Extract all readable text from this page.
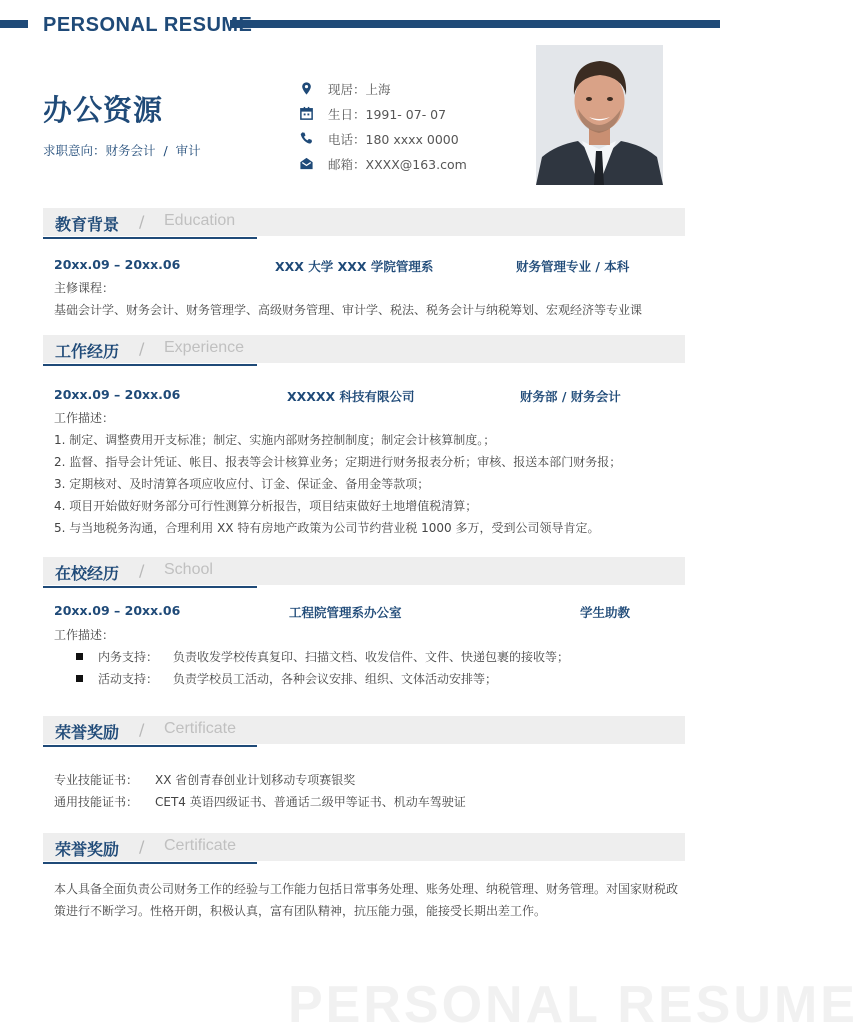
PERSONAL RESUME
办公资源
求职意向：财务会计  /  审计
现居：上海
生日：1991- 07- 07
电话：180 xxxx 0000
邮箱：XXXX@163.com
教育背景 / Education
20xx.09 – 20xx.06	XXX 大学 XXX 学院管理系	财务管理专业 / 本科
主修课程：
基础会计学、财务会计、财务管理学、高级财务管理、审计学、税法、税务会计与纳税筹划、宏观经济等专业课
工作经历 / Experience
20xx.09 – 20xx.06	XXXXX 科技有限公司	财务部 / 财务会计
工作描述：
1. 制定、调整费用开支标准；制定、实施内部财务控制制度；制定会计核算制度。；
2. 监督、指导会计凭证、帐目、报表等会计核算业务；定期进行财务报表分析；审核、报送本部门财务报；
3. 定期核对、及时清算各项应收应付、订金、保证金、备用金等款项；
4. 项目开始做好财务部分可行性测算分析报告，项目结束做好土地增值税清算；
5. 与当地税务沟通，合理利用 XX 特有房地产政策为公司节约营业税 1000 多万，受到公司领导肯定。
在校经历 / School
20xx.09 – 20xx.06	工程院管理系办公室	学生助教
工作描述：
内务支持： 负责收发学校传真复印、扫描文档、收发信件、文件、快递包裹的接收等；
活动支持： 负责学校员工活动，各种会议安排、组织、文体活动安排等；
荣誉奖励 / Certificate
专业技能证书： XX 省创青春创业计划移动专项赛银奖
通用技能证书： CET4 英语四级证书、普通话二级甲等证书、机动车驾驶证
荣誉奖励 / Certificate
本人具备全面负责公司财务工作的经验与工作能力包括日常事务处理、账务处理、纳税管理、财务管理。对国家财税政策进行不断学习。性格开朗，积极认真，富有团队精神，抗压能力强，能接受长期出差工作。
PERSONAL RESUME
